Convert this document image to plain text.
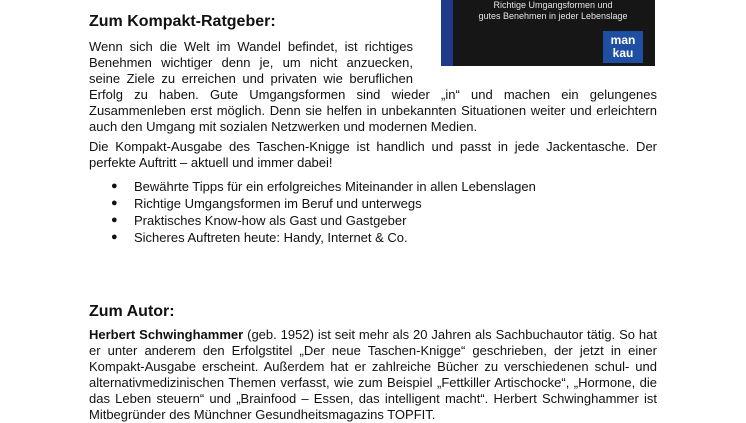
Richtige Umgangsformen und
gutes Benehmen in jeder Lebenslage
man
kau
Zum Kompakt-Ratgeber:

Wenn sich die Welt im Wandel befindet, ist richtiges Benehmen wichtiger denn je, um nicht anzuecken, seine Ziele zu erreichen und privaten wie beruflichen

Erfolg zu haben. Gute Umgangsformen sind wieder „in“ und machen ein gelungenes Zusammenleben erst möglich. Denn sie helfen in unbekannten Situationen weiter und erleichtern auch den Umgang mit sozialen Netzwerken und modernen Medien.

Die Kompakt-Ausgabe des Taschen-Knigge ist handlich und passt in jede Jackentasche. Der perfekte Auftritt – aktuell und immer dabei!

● Bewährte Tipps für ein erfolgreiches Miteinander in allen Lebenslagen
● Richtige Umgangsformen im Beruf und unterwegs
● Praktisches Know-how als Gast und Gastgeber
● Sicheres Auftreten heute: Handy, Internet & Co.
Zum Autor:

Herbert Schwinghammer (geb. 1952) ist seit mehr als 20 Jahren als Sachbuchautor tätig. So hat er unter anderem den Erfolgstitel „Der neue Taschen-Knigge“ geschrieben, der jetzt in einer Kompakt-Ausgabe erscheint. Außerdem hat er zahlreiche Bücher zu verschiedenen schul- und alternativmedizinischen Themen verfasst, wie zum Beispiel „Fettkiller Artischocke“, „Hormone, die das Leben steuern“ und „Brainfood – Essen, das intelligent macht“. Herbert Schwinghammer ist Mitbegründer des Münchner Gesundheitsmagazins TOPFIT.
